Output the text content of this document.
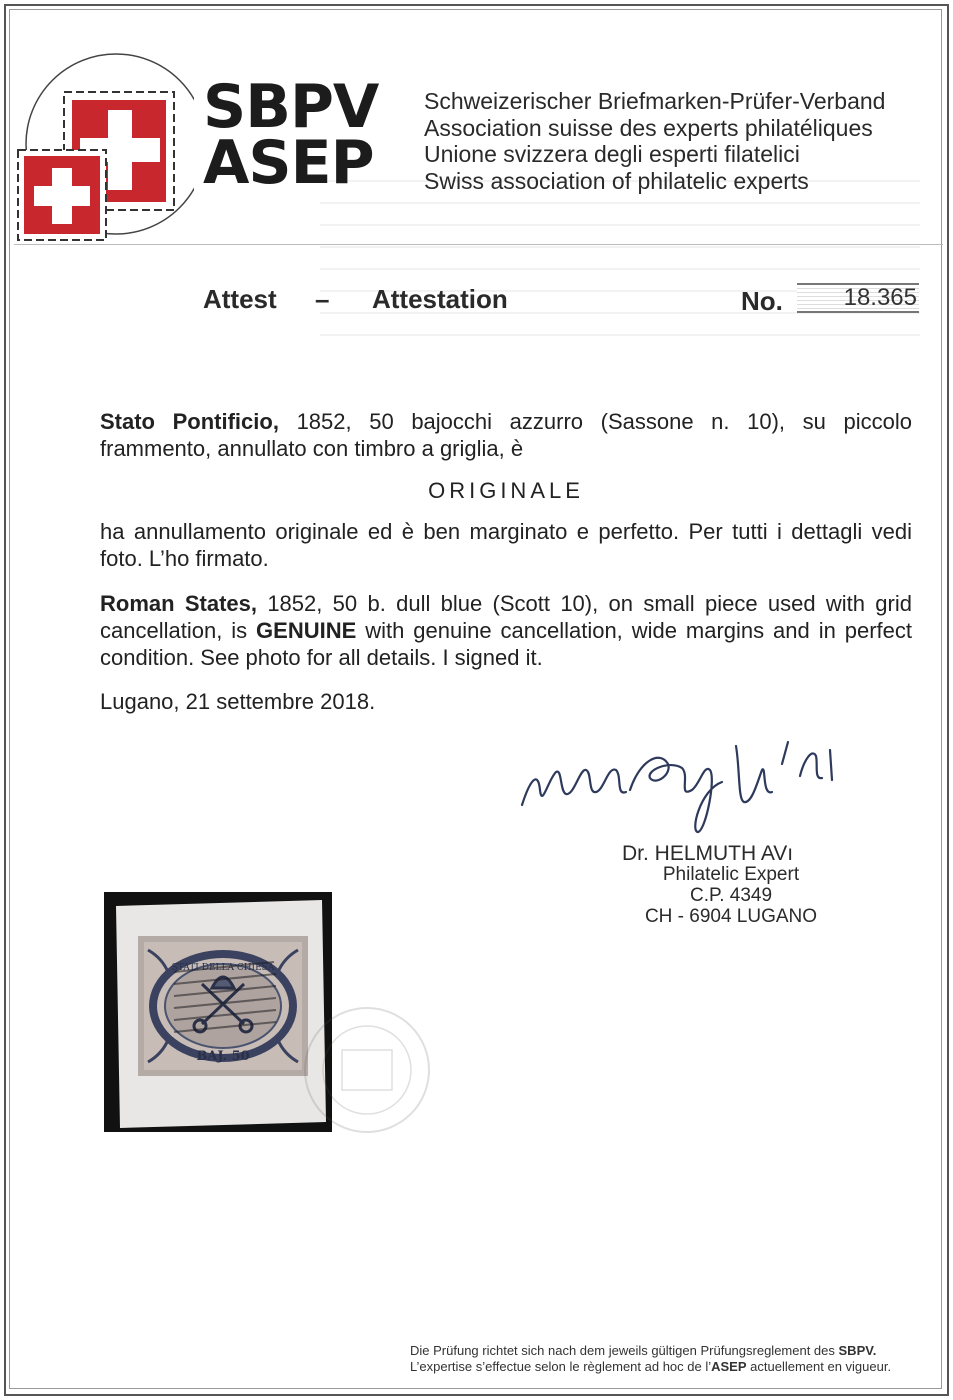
SBPV
ASEP
Schweizerischer Briefmarken-Prüfer-Verband
Association suisse des experts philatéliques
Unione svizzera degli esperti filatelici
Swiss association of philatelic experts
Attest – Attestation	No.	18.365
Stato Pontificio, 1852, 50 bajocchi azzurro (Sassone n. 10), su piccolo frammento, annullato con timbro a griglia, è
ORIGINALE
ha annullamento originale ed è ben marginato e perfetto. Per tutti i dettagli vedi foto. L’ho firmato.
Roman States, 1852, 50 b. dull blue (Scott 10), on small piece used with grid cancellation, is GENUINE with genuine cancellation, wide margins and in perfect condition. See photo for all details. I signed it.
Lugano, 21 settembre 2018.
Dr. HELMUTH AVı
Philatelic Expert
C.P. 4349
CH - 6904 LUGANO
STATI DELLA CHIESA
BAJ. 50
Die Prüfung richtet sich nach dem jeweils gültigen Prüfungsreglement des SBPV.
L’expertise s’effectue selon le règlement ad hoc de l’ASEP actuellement en vigueur.
